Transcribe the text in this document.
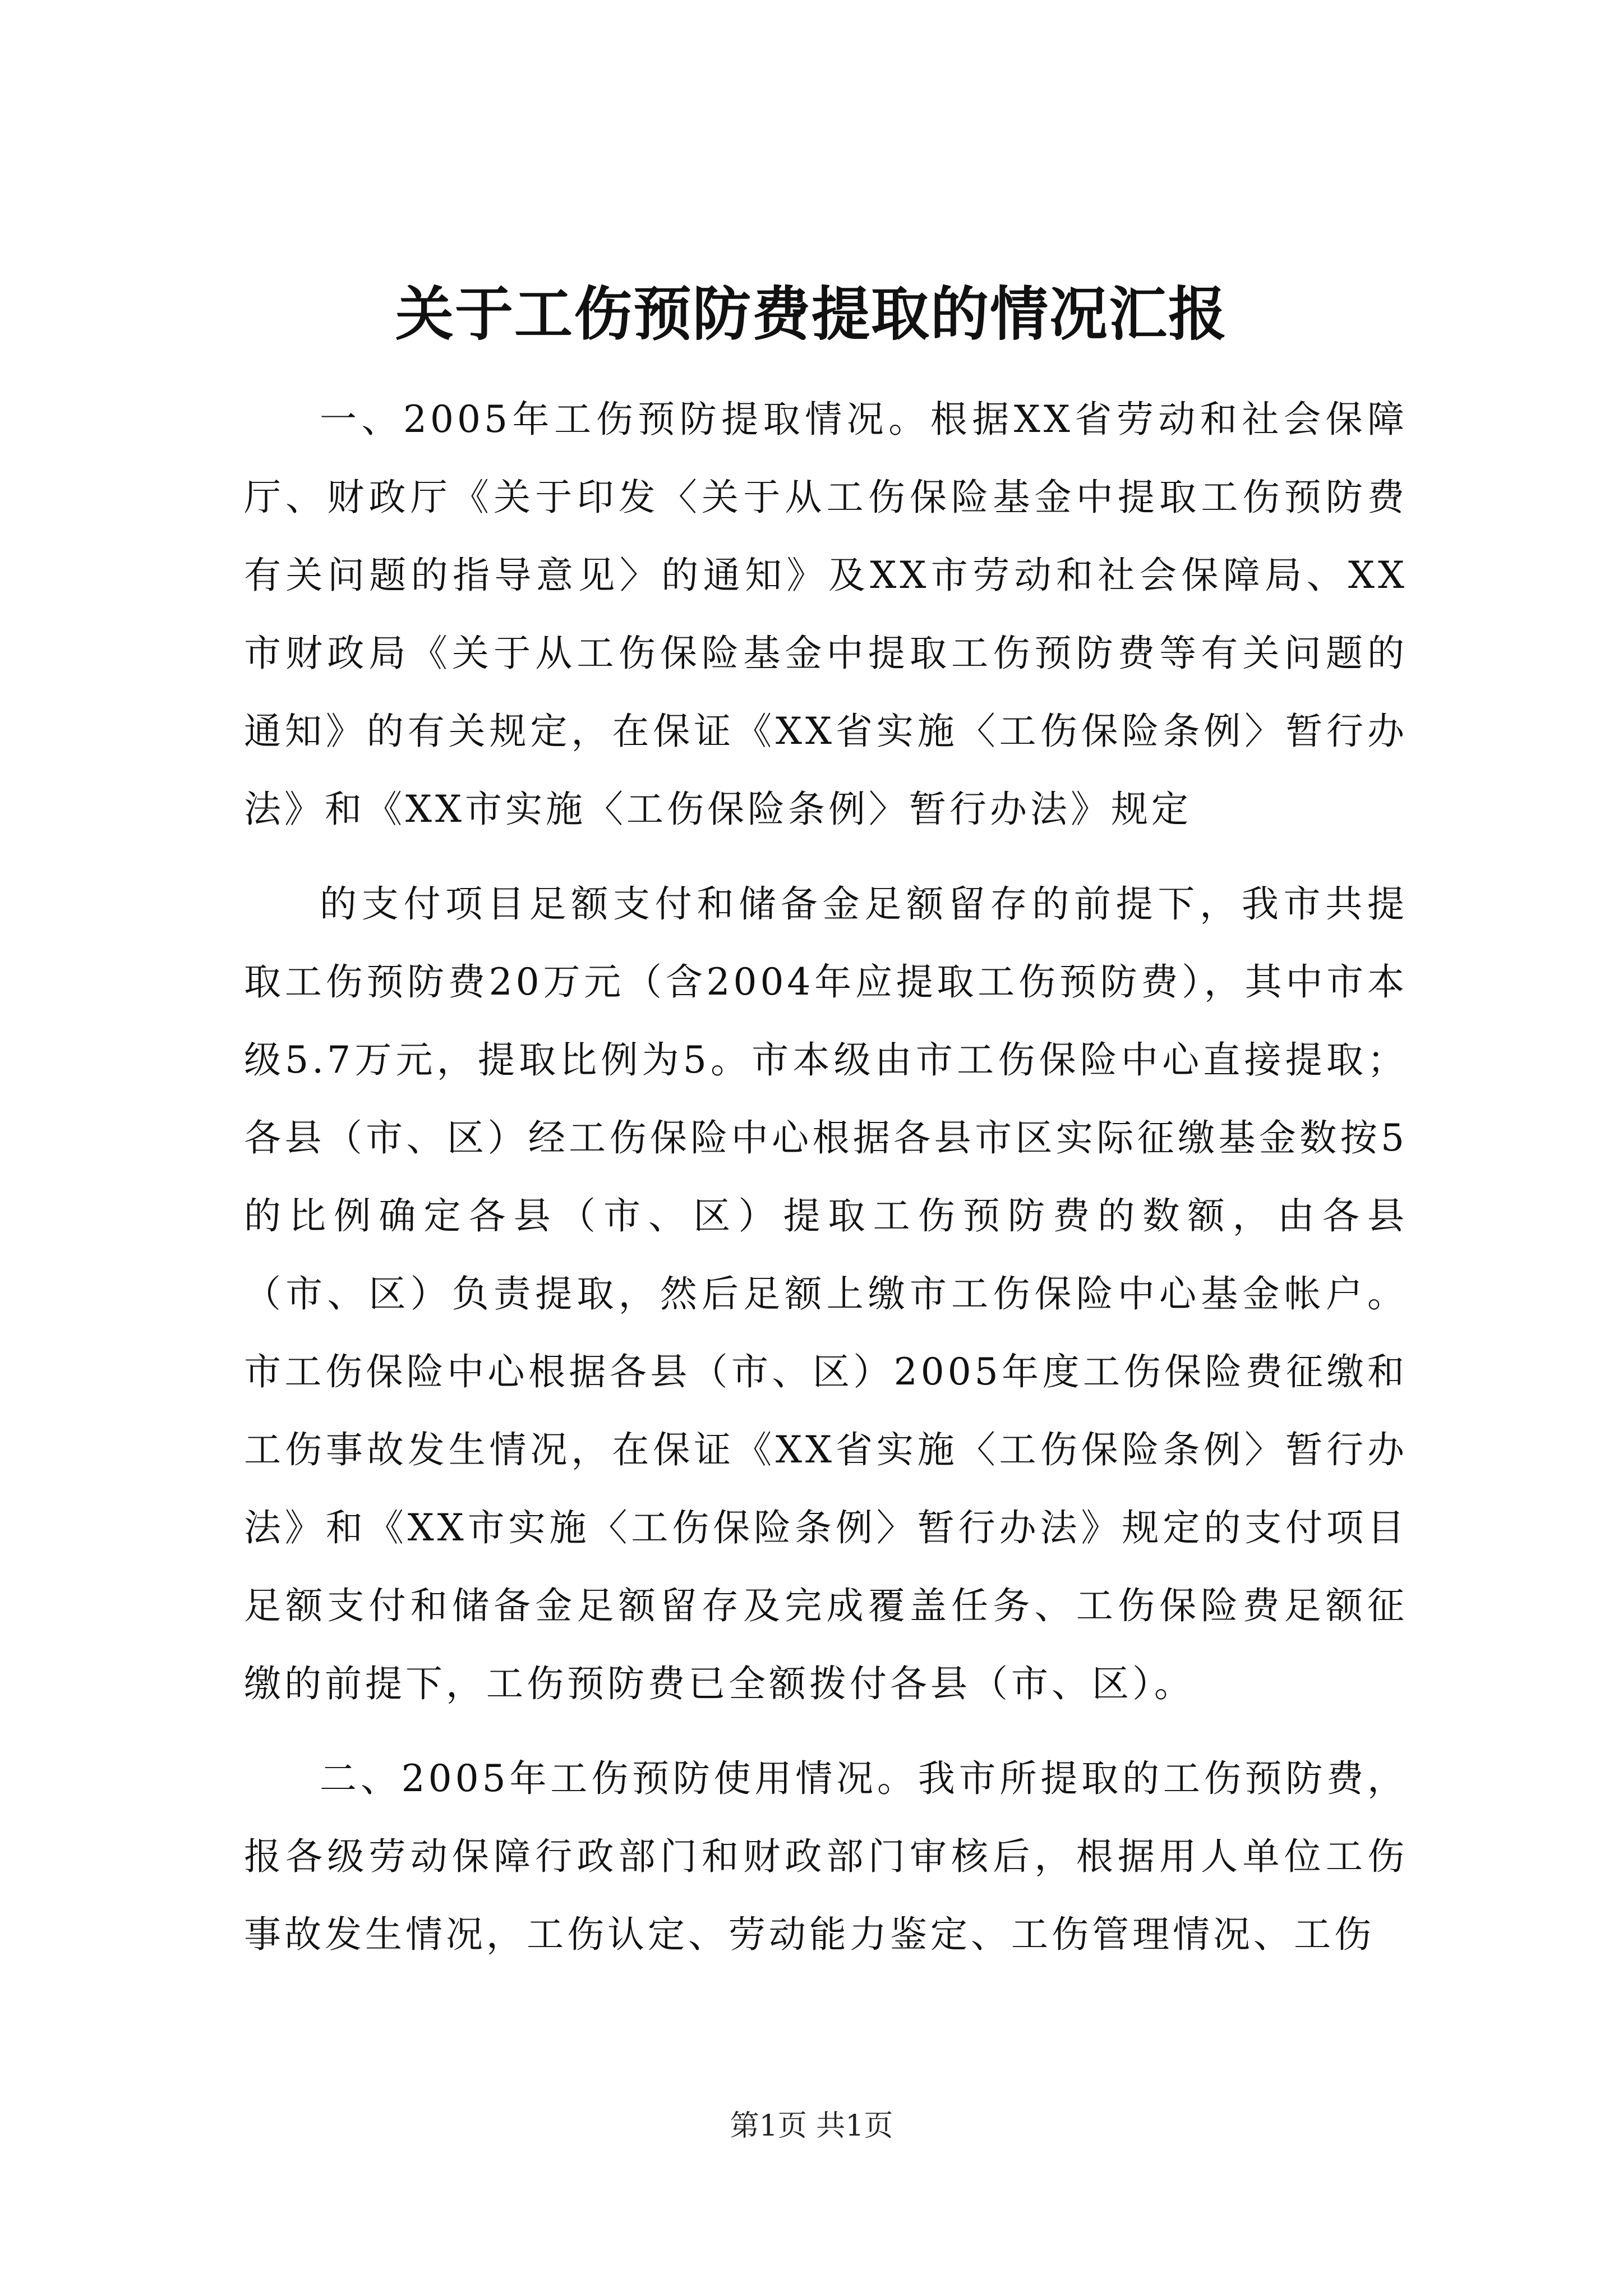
关于工伤预防费提取的情况汇报

一、2005年工伤预防提取情况。根据XX省劳动和社会保障厅、财政厅《关于印发〈关于从工伤保险基金中提取工伤预防费有关问题的指导意见〉的通知》及XX市劳动和社会保障局、XX市财政局《关于从工伤保险基金中提取工伤预防费等有关问题的通知》的有关规定，在保证《XX省实施〈工伤保险条例〉暂行办法》和《XX市实施〈工伤保险条例〉暂行办法》规定

的支付项目足额支付和储备金足额留存的前提下，我市共提取工伤预防费20万元（含2004年应提取工伤预防费），其中市本级5.7万元，提取比例为5。市本级由市工伤保险中心直接提取；各县（市、区）经工伤保险中心根据各县市区实际征缴基金数按5的比例确定各县（市、区）提取工伤预防费的数额，由各县（市、区）负责提取，然后足额上缴市工伤保险中心基金帐户。市工伤保险中心根据各县（市、区）2005年度工伤保险费征缴和工伤事故发生情况，在保证《XX省实施〈工伤保险条例〉暂行办法》和《XX市实施〈工伤保险条例〉暂行办法》规定的支付项目足额支付和储备金足额留存及完成覆盖任务、工伤保险费足额征缴的前提下，工伤预防费已全额拨付各县（市、区）。

二、2005年工伤预防使用情况。我市所提取的工伤预防费，报各级劳动保障行政部门和财政部门审核后，根据用人单位工伤事故发生情况，工伤认定、劳动能力鉴定、工伤管理情况、工伤

第1页 共1页
